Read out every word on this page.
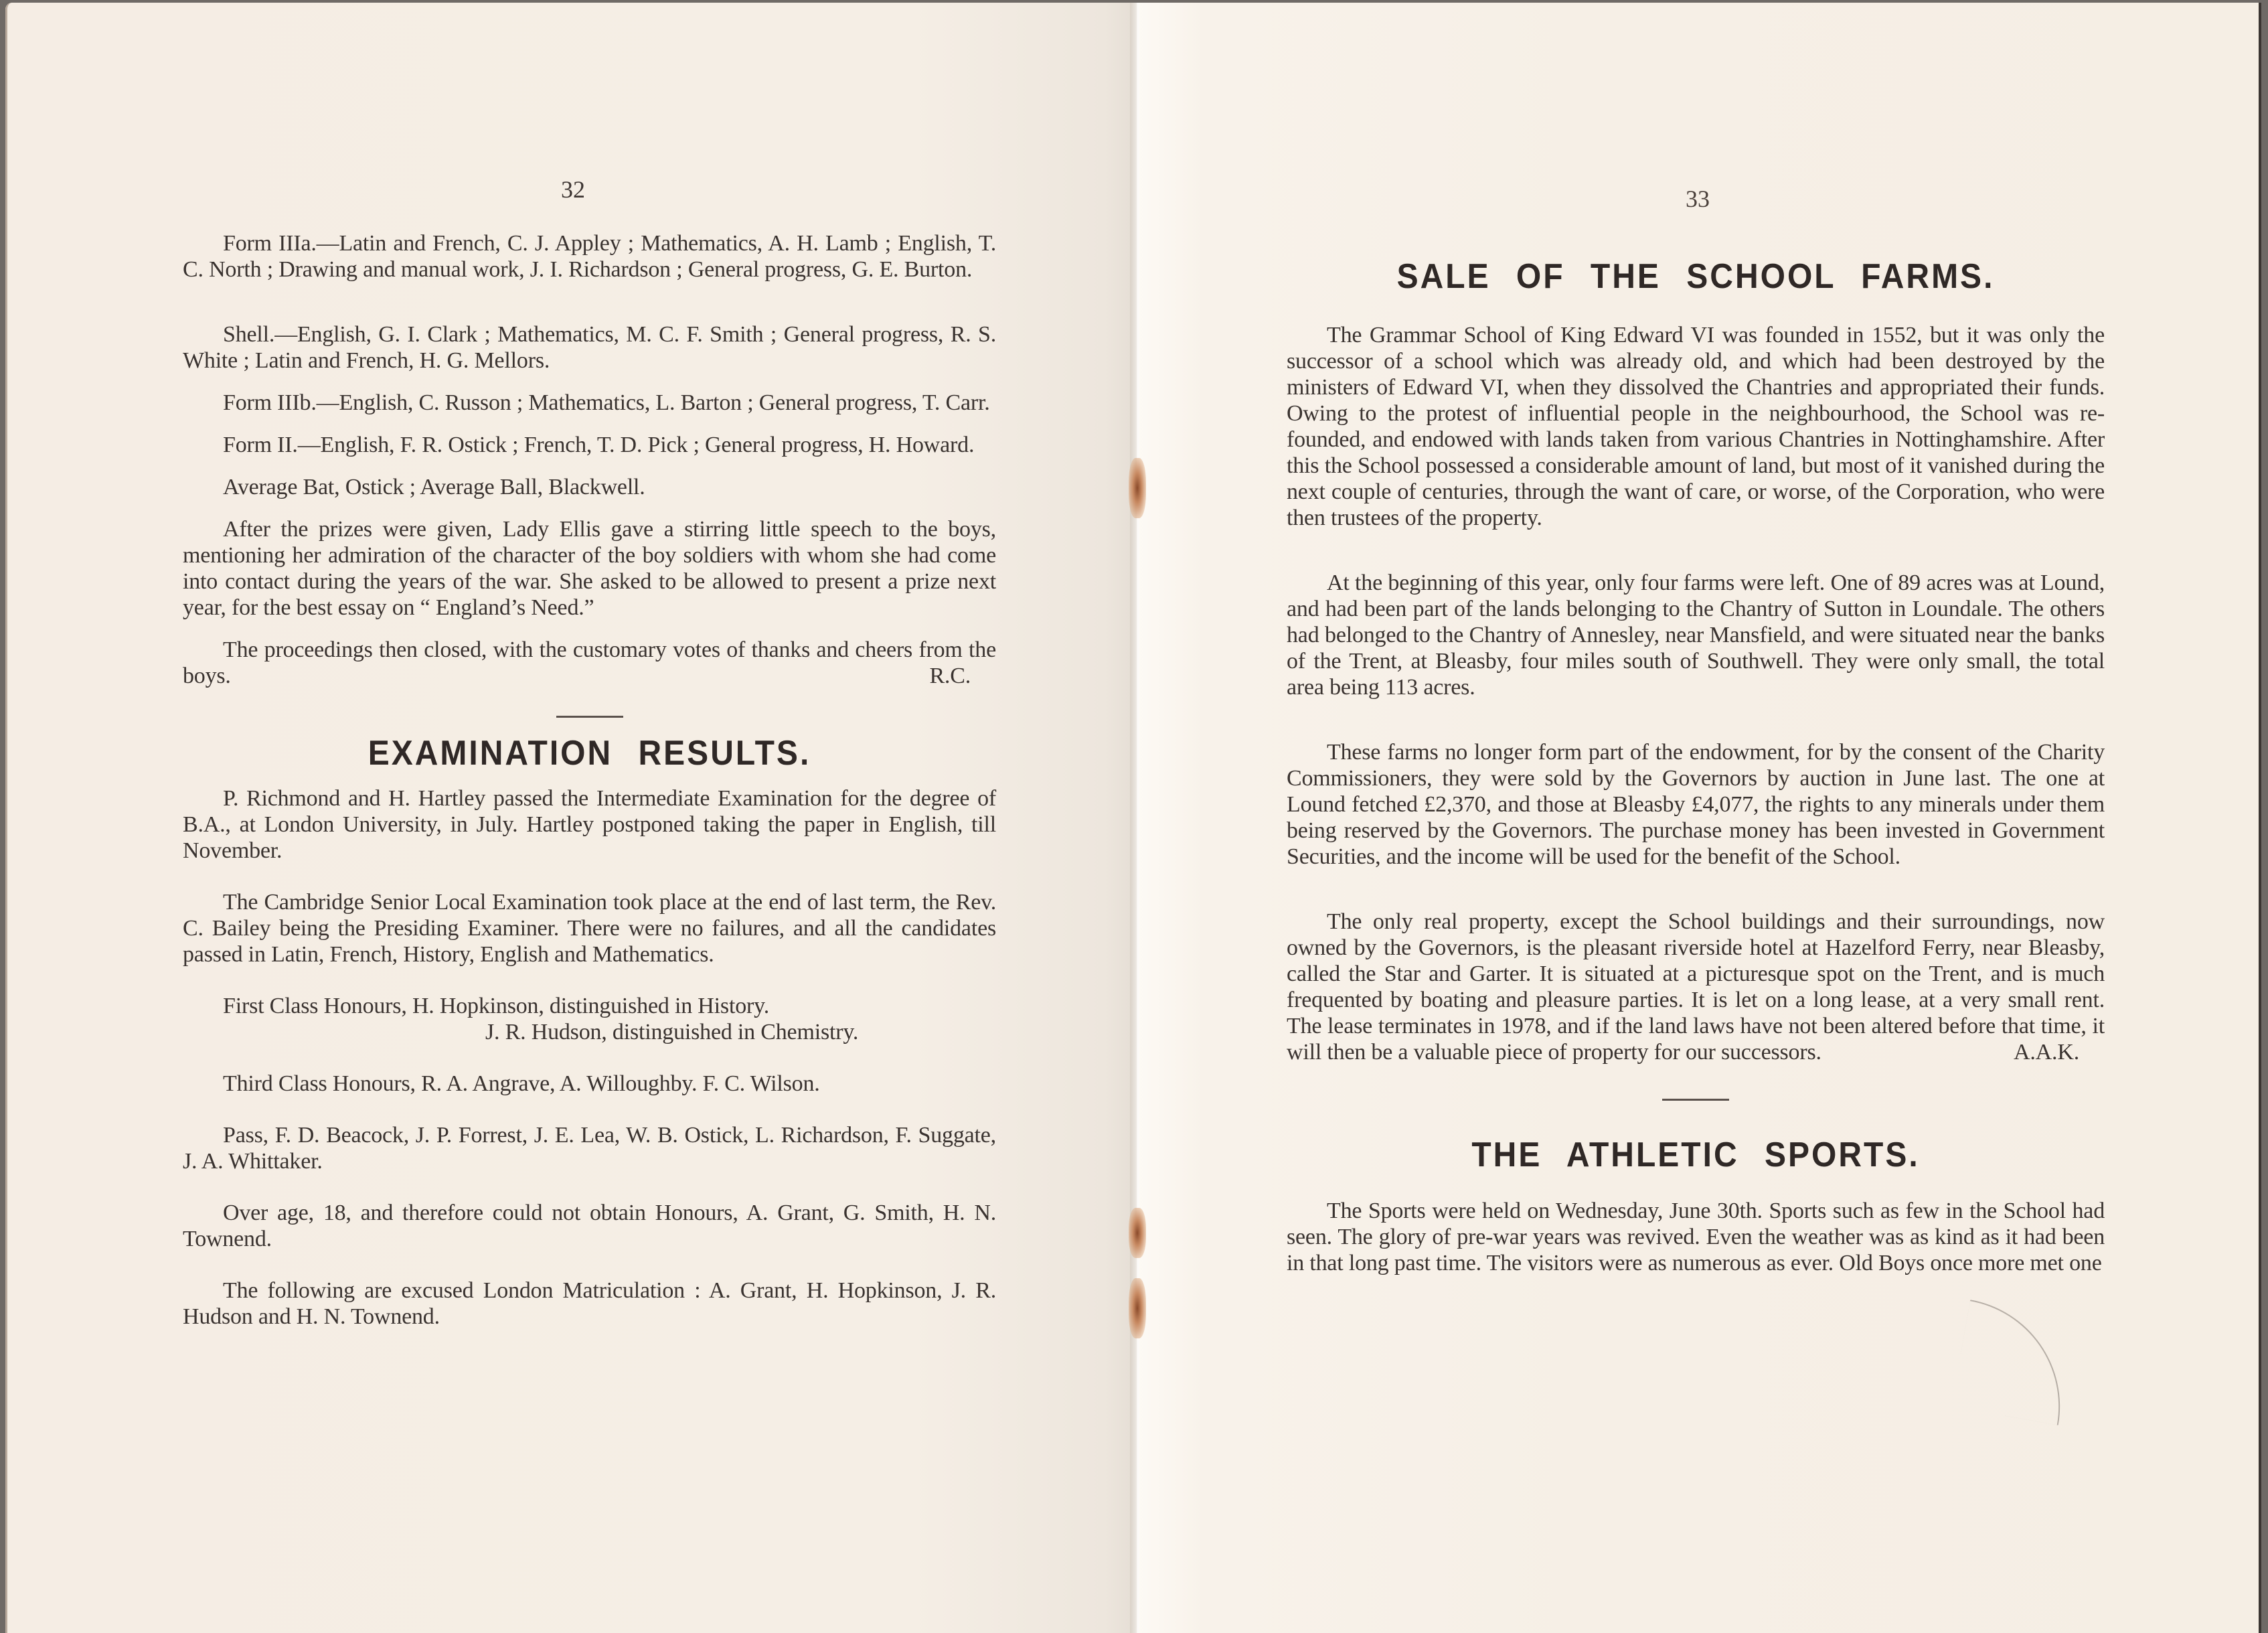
32

Form IIIa.—Latin and French, C. J. Appley ; Mathematics, A. H. Lamb ; English, T. C. North ; Drawing and manual work, J. I. Richardson ; General progress, G. E. Burton.

Shell.—English, G. I. Clark ; Mathematics, M. C. F. Smith ; General progress, R. S. White ; Latin and French, H. G. Mellors.

Form IIIb.—English, C. Russon ; Mathematics, L. Barton ; General progress, T. Carr.

Form II.—English, F. R. Ostick ; French, T. D. Pick ; General progress, H. Howard.

Average Bat, Ostick ; Average Ball, Blackwell.

After the prizes were given, Lady Ellis gave a stirring little speech to the boys, mentioning her admiration of the character of the boy soldiers with whom she had come into contact during the years of the war. She asked to be allowed to present a prize next year, for the best essay on “ England’s Need.”

The proceedings then closed, with the customary votes of thanks and cheers from the boys.	R.C.
EXAMINATION RESULTS.

P. Richmond and H. Hartley passed the Intermediate Examination for the degree of B.A., at London University, in July. Hartley postponed taking the paper in English, till November.

The Cambridge Senior Local Examination took place at the end of last term, the Rev. C. Bailey being the Presiding Examiner. There were no failures, and all the candidates passed in Latin, French, History, English and Mathematics.

First Class Honours, H. Hopkinson, distinguished in History.

J. R. Hudson, distinguished in Chemistry.

Third Class Honours, R. A. Angrave, A. Willoughby. F. C. Wilson.

Pass, F. D. Beacock, J. P. Forrest, J. E. Lea, W. B. Ostick, L. Richardson, F. Suggate, J. A. Whittaker.

Over age, 18, and therefore could not obtain Honours, A. Grant, G. Smith, H. N. Townend.

The following are excused London Matriculation : A. Grant, H. Hopkinson, J. R. Hudson and H. N. Townend.

33
SALE OF THE SCHOOL FARMS.

The Grammar School of King Edward VI was founded in 1552, but it was only the successor of a school which was already old, and which had been destroyed by the ministers of Edward VI, when they dissolved the Chantries and appropriated their funds. Owing to the protest of influential people in the neighbourhood, the School was re-founded, and endowed with lands taken from various Chantries in Nottinghamshire. After this the School possessed a considerable amount of land, but most of it vanished during the next couple of centuries, through the want of care, or worse, of the Corporation, who were then trustees of the property.

At the beginning of this year, only four farms were left. One of 89 acres was at Lound, and had been part of the lands belonging to the Chantry of Sutton in Loundale. The others had belonged to the Chantry of Annesley, near Mansfield, and were situated near the banks of the Trent, at Bleasby, four miles south of Southwell. They were only small, the total area being 113 acres.

These farms no longer form part of the endowment, for by the consent of the Charity Commissioners, they were sold by the Governors by auction in June last. The one at Lound fetched £2,370, and those at Bleasby £4,077, the rights to any minerals under them being reserved by the Governors. The purchase money has been invested in Government Securities, and the income will be used for the benefit of the School.

The only real property, except the School buildings and their surroundings, now owned by the Governors, is the pleasant riverside hotel at Hazelford Ferry, near Bleasby, called the Star and Garter. It is situated at a picturesque spot on the Trent, and is much frequented by boating and pleasure parties. It is let on a long lease, at a very small rent. The lease terminates in 1978, and if the land laws have not been altered before that time, it will then be a valuable piece of property for our successors.	A.A.K.
THE ATHLETIC SPORTS.

The Sports were held on Wednesday, June 30th. Sports such as few in the School had seen. The glory of pre-war years was revived. Even the weather was as kind as it had been in that long past time. The visitors were as numerous as ever. Old Boys once more met one
